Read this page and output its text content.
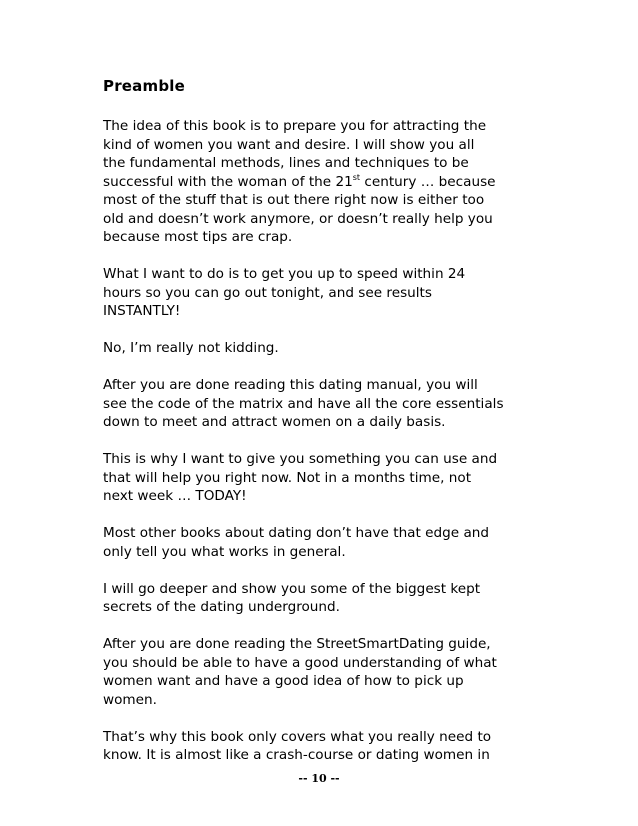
Preamble

The idea of this book is to prepare you for attracting the
kind of women you want and desire. I will show you all
the fundamental methods, lines and techniques to be
successful with the woman of the 21st century … because
most of the stuff that is out there right now is either too
old and doesn’t work anymore, or doesn’t really help you
because most tips are crap.

What I want to do is to get you up to speed within 24
hours so you can go out tonight, and see results
INSTANTLY!

No, I’m really not kidding.

After you are done reading this dating manual, you will
see the code of the matrix and have all the core essentials
down to meet and attract women on a daily basis.

This is why I want to give you something you can use and
that will help you right now. Not in a months time, not
next week … TODAY!

Most other books about dating don’t have that edge and
only tell you what works in general.

I will go deeper and show you some of the biggest kept
secrets of the dating underground.

After you are done reading the StreetSmartDating guide,
you should be able to have a good understanding of what
women want and have a good idea of how to pick up
women.

That’s why this book only covers what you really need to
know. It is almost like a crash-course or dating women in

-- 10 --
